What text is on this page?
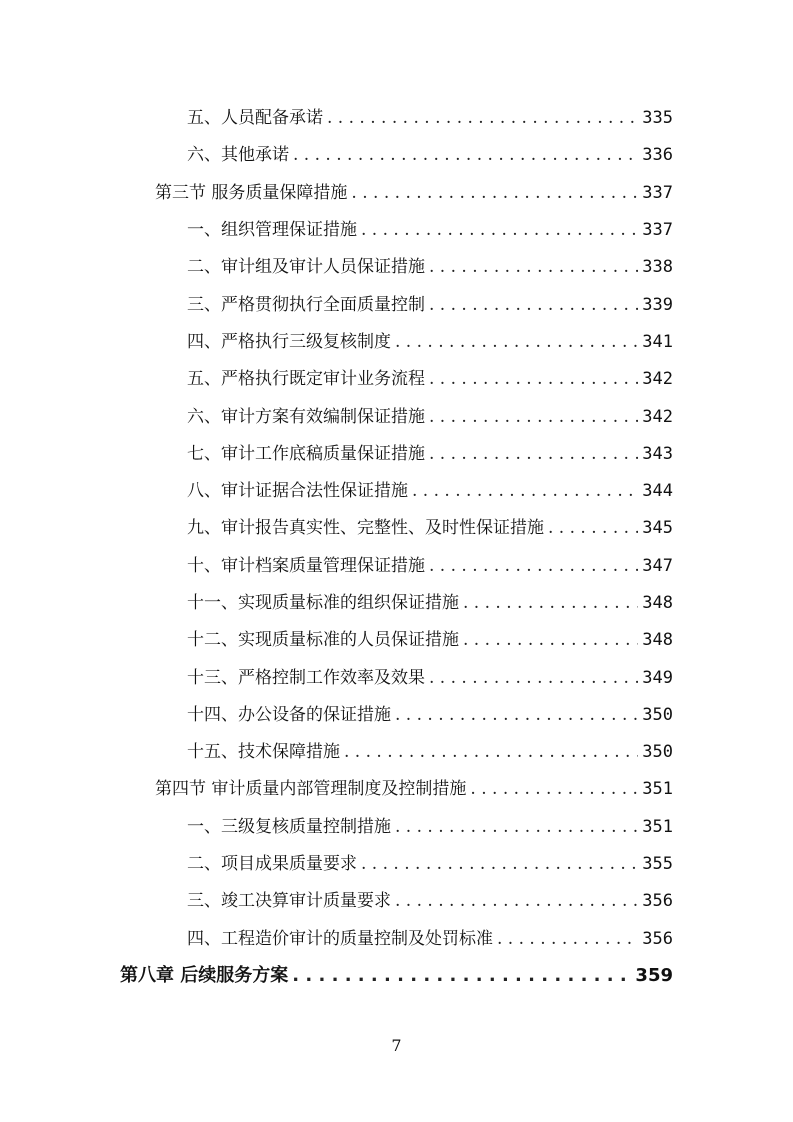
五、人员配备承诺 . . .	335
六、其他承诺 . . .	336
第三节 服务质量保障措施 . . .	337
一、组织管理保证措施 . . .	337
二、审计组及审计人员保证措施 . . .	338
三、严格贯彻执行全面质量控制 . . .	339
四、严格执行三级复核制度 . . .	341
五、严格执行既定审计业务流程 . . .	342
六、审计方案有效编制保证措施 . . .	342
七、审计工作底稿质量保证措施 . . .	343
八、审计证据合法性保证措施 . . .	344
九、审计报告真实性、完整性、及时性保证措施 . . .	345
十、审计档案质量管理保证措施 . . .	347
十一、实现质量标准的组织保证措施 . . .	348
十二、实现质量标准的人员保证措施 . . .	348
十三、严格控制工作效率及效果 . . .	349
十四、办公设备的保证措施 . . .	350
十五、技术保障措施 . . .	350
第四节 审计质量内部管理制度及控制措施 . . .	351
一、三级复核质量控制措施 . . .	351
二、项目成果质量要求 . . .	355
三、竣工决算审计质量要求 . . .	356
四、工程造价审计的质量控制及处罚标准 . . .	356
第八章 后续服务方案 . . .	359
7
